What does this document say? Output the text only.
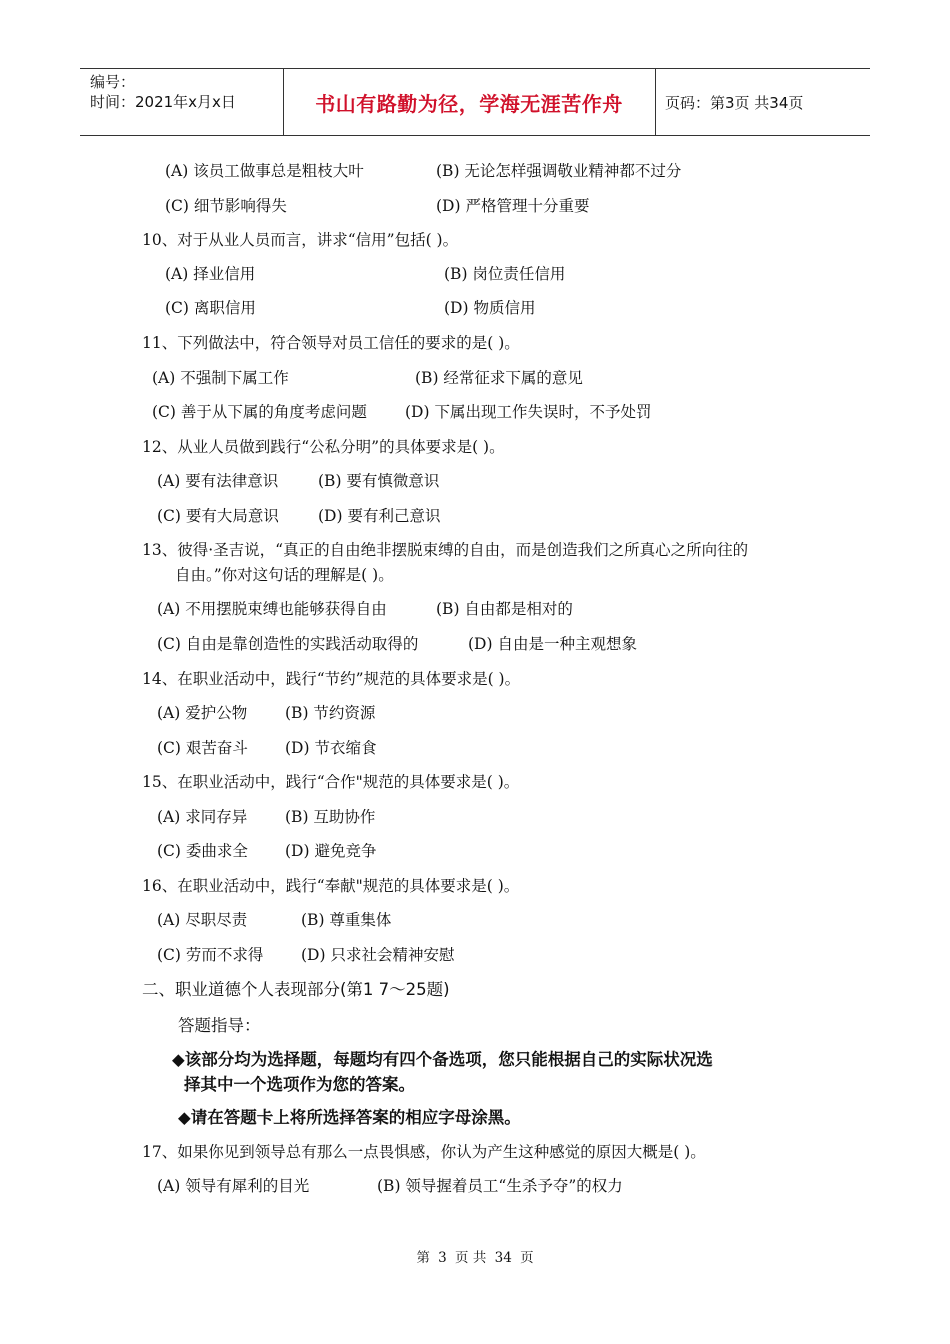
编号：
时间：2021年x月x日	书山有路勤为径，学海无涯苦作舟	页码：第3页 共34页
(A) 该员工做事总是粗枝大叶	(B) 无论怎样强调敬业精神都不过分
(C) 细节影响得失	(D) 严格管理十分重要
10、对于从业人员而言，讲求“信用”包括( )。
(A) 择业信用	(B) 岗位责任信用
(C) 离职信用	(D) 物质信用
11、下列做法中，符合领导对员工信任的要求的是( )。
(A) 不强制下属工作	(B) 经常征求下属的意见
(C) 善于从下属的角度考虑问题 (D) 下属出现工作失误时，不予处罚
12、从业人员做到践行“公私分明”的具体要求是( )。
(A) 要有法律意识	(B) 要有慎微意识
(C) 要有大局意识	(D) 要有利己意识
13、彼得·圣吉说，“真正的自由绝非摆脱束缚的自由，而是创造我们之所真心之所向往的
自由。”你对这句话的理解是( )。
(A) 不用摆脱束缚也能够获得自由	(B) 自由都是相对的
(C) 自由是靠创造性的实践活动取得的	(D) 自由是一种主观想象
14、在职业活动中，践行“节约”规范的具体要求是( )。
(A) 爱护公物 (B) 节约资源
(C) 艰苦奋斗 (D) 节衣缩食
15、在职业活动中，践行“合作"规范的具体要求是( )。
(A) 求同存异 (B) 互助协作
(C) 委曲求全 (D) 避免竞争
16、在职业活动中，践行“奉献"规范的具体要求是( )。
(A) 尽职尽责	(B) 尊重集体
(C) 劳而不求得 (D) 只求社会精神安慰
二、职业道德个人表现部分(第1 7～25题)
答题指导：
◆该部分均为选择题，每题均有四个备选项，您只能根据自己的实际状况选
择其中一个选项作为您的答案。
◆请在答题卡上将所选择答案的相应字母涂黑。
17、如果你见到领导总有那么一点畏惧感，你认为产生这种感觉的原因大概是( )。
(A) 领导有犀利的目光	(B) 领导握着员工“生杀予夺”的权力
第 3 页 共 34 页
